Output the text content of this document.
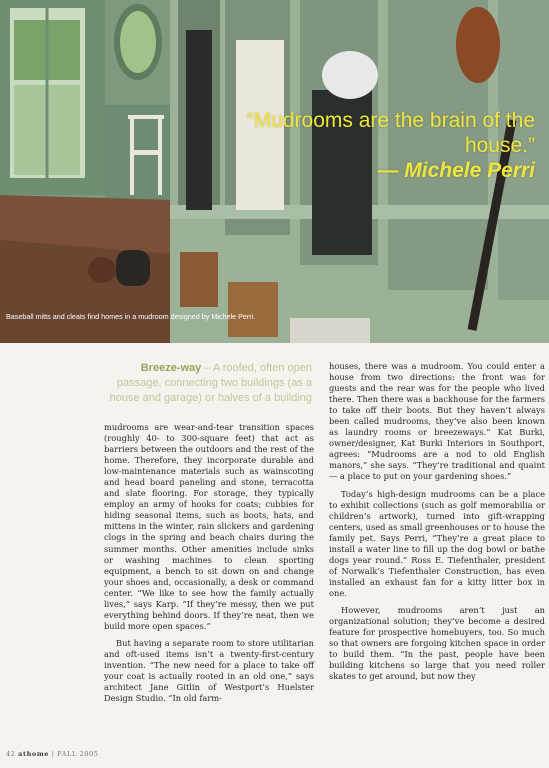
“Mudrooms are the brain of the house.”
— Michele Perri
Baseball mitts and cleats find homes in a mudroom designed by Michele Perri.
Breeze-way – A roofed, often open passage, connecting two buildings (as a house and garage) or halves of a building

mudrooms are wear-and-tear transition spaces (roughly 40- to 300-square feet) that act as barriers between the outdoors and the rest of the home. Therefore, they incorporate durable and low-maintenance materials such as wainscoting and head board paneling and stone, terracotta and slate flooring. For storage, they typically employ an army of hooks for coats; cubbies for hiding seasonal items, such as boots, hats, and mittens in the winter, rain slickers and gardening clogs in the spring and beach chairs during the summer months. Other amenities include sinks or washing machines to clean sporting equipment, a bench to sit down on and change your shoes and, occasionally, a desk or command center. “We like to see how the family actually lives,” says Karp. “If they’re messy, then we put everything behind doors. If they’re neat, then we build more open spaces.”

But having a separate room to store utilitarian and oft-used items isn’t a twenty-first-century invention. “The new need for a place to take off your coat is actually rooted in an old one,” says architect Jane Gitlin of Westport’s Huelster Design Studio. “In old farm-

houses, there was a mudroom. You could enter a house from two directions: the front was for guests and the rear was for the people who lived there. Then there was a backhouse for the farmers to take off their boots. But they haven’t always been called mudrooms, they’ve also been known as laundry rooms or breezeways.” Kat Burki, owner/designer, Kat Burki Interiors in Southport, agrees: “Mudrooms are a nod to old English manors,” she says. “They’re traditional and quaint — a place to put on your gardening shoes.”

Today’s high-design mudrooms can be a place to exhibit collections (such as golf memorabilia or children’s artwork), turned into gift-wrapping centers, used as small greenhouses or to house the family pet. Says Perri, “They’re a great place to install a water line to fill up the dog bowl or bathe dogs year round.” Ross E. Tiefenthaler, president of Norwalk’s Tiefenthaler Construction, has even installed an exhaust fan for a kitty litter box in one.

However, mudrooms aren’t just an organizational solution; they’ve become a desired feature for prospective homebuyers, too. So much so that owners are forgoing kitchen space in order to build them. “In the past, people have been building kitchens so large that you need roller skates to get around, but now they

42 athome | FALL 2005
